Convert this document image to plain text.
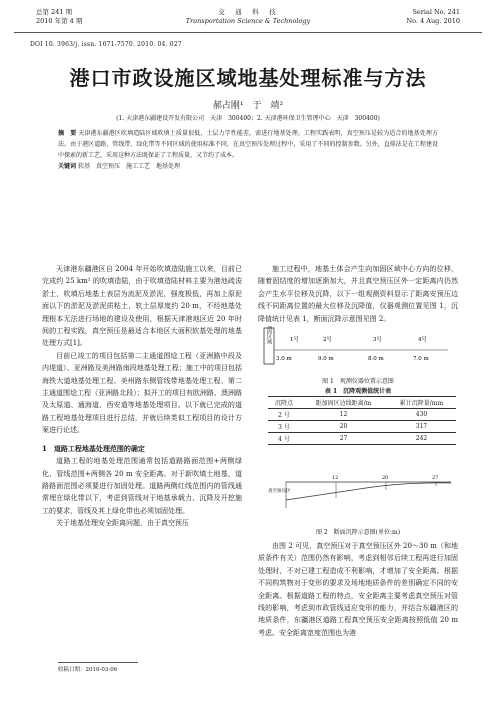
总第 241 期
2010 年第 4 期
交　通　科　技
Transportation Science & Technology
Serial No. 241
No. 4 Aug. 2010
DOI 10. 3963/j. issn. 1671-7570. 2010. 04. 027
港口市政设施区域地基处理标准与方法
郝占刚¹　于　靖²
(1. 天津港东疆建设开发有限公司　天津　300400；2. 天津港环保卫生管理中心　天津　300400)
摘　要 天津港东疆港区吹填造陆区域吹填土质量很低，土层力学性能差，需进行地基处理。工程实践表明，真空预压是较为适合的地基处理方法。由于港区道路、管线带、绿化带等不同区域的使用标准不同，在真空预压处理过程中，采用了不同的控制参数。另外，直排法是在工程建设中探索的新工艺，采用这种方法既保证了工程质量，又节约了成本。
关键词 软基　真空预压　施工工艺　地基处理

天津港东疆港区自 2004 年开始吹填造陆施工以来，目前已完成约 25 km² 的吹填造陆，由于吹填造陆材料主要为港池疏浚淤土，吹填后地基土表层为流泥及淤泥，强度极低，再加上原泥面以下的淤泥及淤泥质粘土，软土层厚度约 20 m，不经地基处理根本无法进行场地的建设及使用，根据天津港地区近 20 年时间的工程实践，真空预压是最适合本地区大面积软基处理的地基处理方式[1]。

目前已竣工的项目包括第二主通道围埝工程（亚洲路中段及内堤道）、亚洲路及美洲路南段地基处理工程；施工中的项目包括海铁大道地基处理工程、美州路东侧管线带地基处理工程、第二主通道围埝工程（亚洲路北段）；拟开工的项目有欧洲路、澳洲路及太原道、通海道、西安道等地基处理项目。以下就已完成的道路工程地基处理项目进行总结，并就后续类似工程项目的设计方案进行论述。

1　道路工程地基处理范围的确定

道路工程的地基处理范围通常包括道路路面范围+两侧绿化、管线范围+两侧各 20 m 安全距离。对于新吹填土地基，道路路面范围必须要进行加固处理。道路两侧红线范围内的管线通常埋在绿化带以下，考虑到管线对于地基承载力、沉降及开挖施工的要求，管线及其上绿化带也必须加固处理。

关于地基处理安全距离问题，由于真空预压

收稿日期：2010-03-06

施工过程中，地基土体会产生向加固区域中心方向的位移，随着固结度的增加逐渐加大，并且真空预压区外一定距离内仍然会产生水平位移及沉降，以下一组观测资料显示了距离安预压边线不同距离位置的最大位移及沉降值，仪器观测位置见图 1，沉降值统计见表 1，断面沉降示意图见图 2。

加固区域	1号	2号	3号	4号
3.0 m	9.0 m	8.0 m	7.0 m
图 1　观测仪器位置示意图
表 1　沉降观测值统计表
沉降点	距加固区边线距离/m	累计沉降量/mm
2 号	12	430
3 号	20	317
4 号	27	242
真空预压区
12	20	27
图 2　断面沉降示意图(单位:m)

由图 2 可见，真空预压对于真空预压区外 20～30 m（和地质条件有关）范围仍然有影响，考虑到相邻后续工程再进行加固处理时，不对已建工程造成不利影响，才增加了安全距离。根据不同构筑物对于变形的要求及场地地质条件的差别确定不同的安全距离。根据道路工程的特点，安全距离主要考虑真空预压对管线的影响，考虑到市政管线适应变形的能力，并结合东疆港区的地质条件，东疆港区道路工程真空预压安全距离按照低值 20 m 考虑。安全距离宽度范围也为港
